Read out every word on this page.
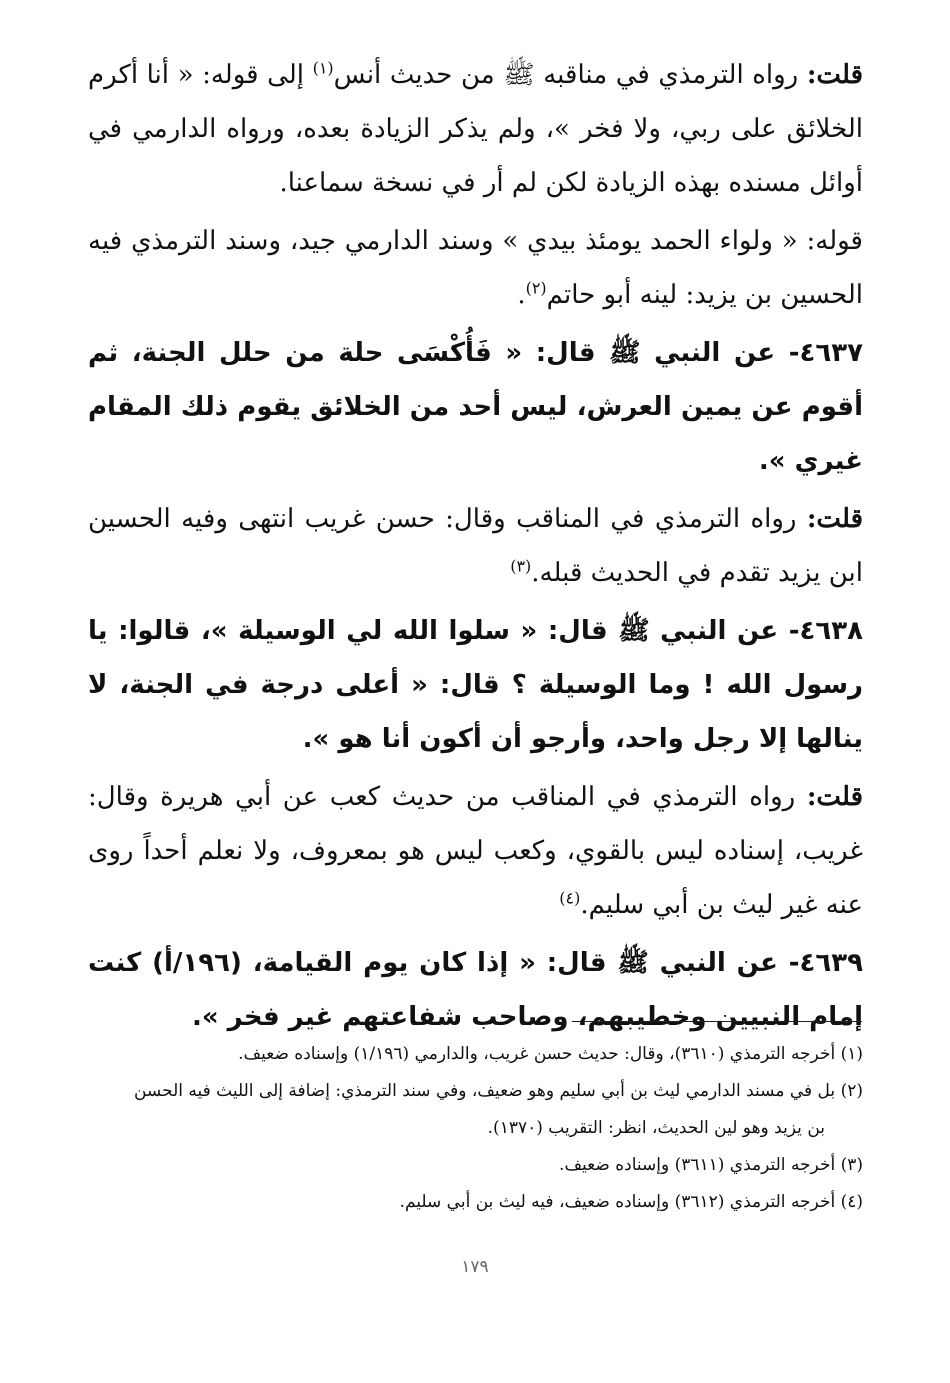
قلت: رواه الترمذي في مناقبه ﷺ من حديث أنس$^{(١)}$ إلى قوله: « أنا أكرم الخلائق على ربي، ولا فخر »، ولم يذكر الزيادة بعده، ورواه الدارمي في أوائل مسنده بهذه الزيادة لكن لم أر في نسخة سماعنا.

قوله: « ولواء الحمد يومئذ بيدي » وسند الدارمي جيد، وسند الترمذي فيه الحسين بن يزيد: لينه أبو حاتم$^{(٢)}$.

٤٦٣٧- عن النبي ﷺ قال: « فَأُكْسَى حلة من حلل الجنة، ثم أقوم عن يمين العرش، ليس أحد من الخلائق يقوم ذلك المقام غيري ».

قلت: رواه الترمذي في المناقب وقال: حسن غريب انتهى وفيه الحسين ابن يزيد تقدم في الحديث قبله.$^{(٣)}$

٤٦٣٨- عن النبي ﷺ قال: « سلوا الله لي الوسيلة »، قالوا: يا رسول الله ! وما الوسيلة ؟ قال: « أعلى درجة في الجنة، لا ينالها إلا رجل واحد، وأرجو أن أكون أنا هو ».

قلت: رواه الترمذي في المناقب من حديث كعب عن أبي هريرة وقال: غريب، إسناده ليس بالقوي، وكعب ليس هو بمعروف، ولا نعلم أحداً روى عنه غير ليث بن أبي سليم.$^{(٤)}$

٤٦٣٩- عن النبي ﷺ قال: « إذا كان يوم القيامة، (١٩٦/أ) كنت إمام النبيين وخطيبهم، وصاحب شفاعتهم غير فخر ».

(١) أخرجه الترمذي (٣٦١٠)، وقال: حديث حسن غريب، والدارمي (١/١٩٦) وإسناده ضعيف.

(٢) بل في مسند الدارمي ليث بن أبي سليم وهو ضعيف، وفي سند الترمذي: إضافة إلى الليث فيه الحسن
بن يزيد وهو لين الحديث، انظر: التقريب (١٣٧٠).

(٣) أخرجه الترمذي (٣٦١١) وإسناده ضعيف.

(٤) أخرجه الترمذي (٣٦١٢) وإسناده ضعيف، فيه ليث بن أبي سليم.

١٧٩
